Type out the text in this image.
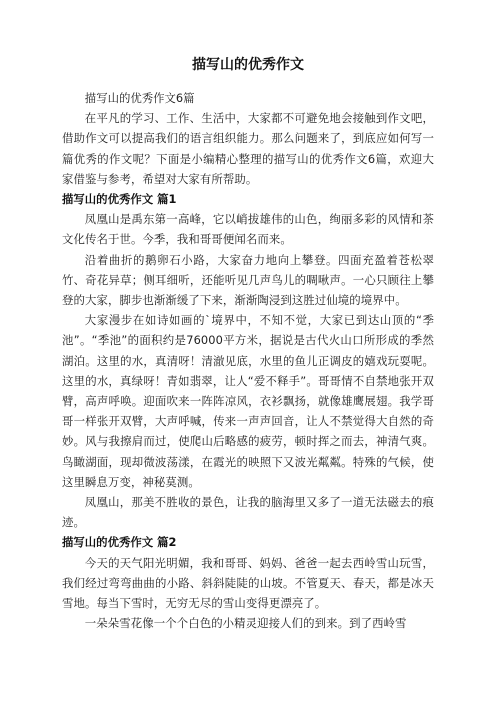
描写山的优秀作文

描写山的优秀作文6篇

在平凡的学习、工作、生活中，大家都不可避免地会接触到作文吧，借助作文可以提高我们的语言组织能力。那么问题来了，到底应如何写一篇优秀的作文呢？下面是小编精心整理的描写山的优秀作文6篇，欢迎大家借鉴与参考，希望对大家有所帮助。

描写山的优秀作文 篇1

凤凰山是禹东第一高峰，它以峭拔雄伟的山色，绚丽多彩的风情和茶文化传名于世。今季，我和哥哥便闻名而来。

沿着曲折的鹅卵石小路，大家奋力地向上攀登。四面充盈着苍松翠竹、奇花异草；侧耳细听，还能听见几声鸟儿的啁啾声。一心只顾往上攀登的大家，脚步也渐渐缓了下来，渐渐陶浸到这胜过仙境的境界中。

大家漫步在如诗如画的`境界中，不知不觉，大家已到达山顶的“季池”。“季池”的面积约是76000平方米，据说是古代火山口所形成的季然湖泊。这里的水，真清呀！清澈见底，水里的鱼儿正调皮的嬉戏玩耍呢。这里的水，真绿呀！青如翡翠，让人“爱不释手”。哥哥情不自禁地张开双臂，高声呼唤。迎面吹来一阵阵凉风，衣衫飘扬，就像雄鹰展翅。我学哥哥一样张开双臂，大声呼喊，传来一声声回音，让人不禁觉得大自然的奇妙。风与我擦肩而过，使爬山后略感的疲劳，顿时挥之而去，神清气爽。鸟瞰湖面，现却微波荡漾，在霞光的映照下又波光粼粼。特殊的气候，使这里瞬息万变，神秘莫测。

凤凰山，那美不胜收的景色，让我的脑海里又多了一道无法磁去的痕迹。

描写山的优秀作文 篇2

今天的天气阳光明媚，我和哥哥、妈妈、爸爸一起去西岭雪山玩雪，我们经过弯弯曲曲的小路、斜斜陡陡的山坡。不管夏天、春天，都是冰天雪地。每当下雪时，无穷无尽的雪山变得更漂亮了。

一朵朵雪花像一个个白色的小精灵迎接人们的到来。到了西岭雪
